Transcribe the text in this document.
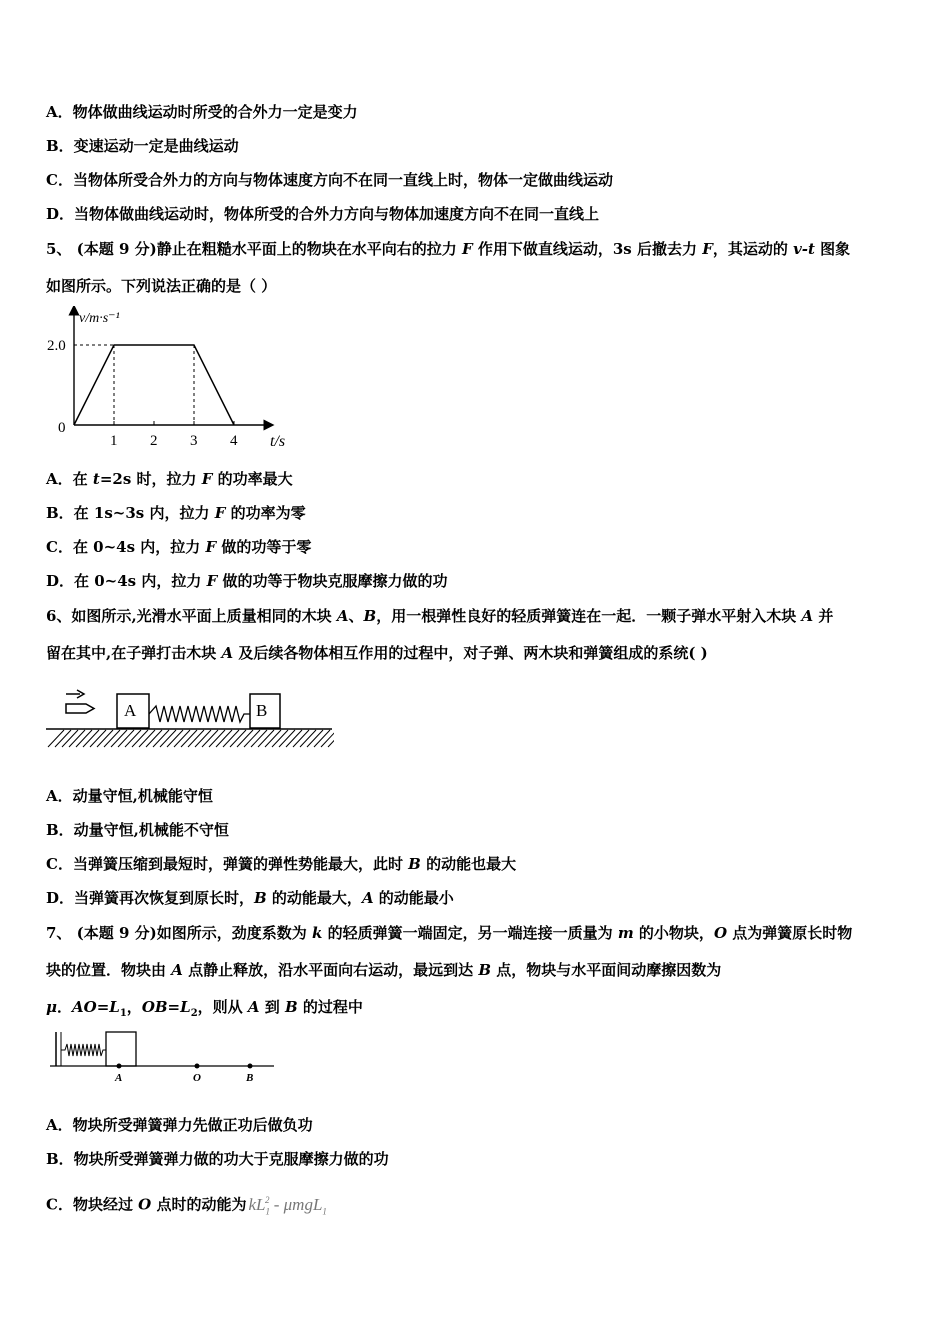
A．物体做曲线运动时所受的合外力一定是变力
B．变速运动一定是曲线运动
C．当物体所受合外力的方向与物体速度方向不在同一直线上时，物体一定做曲线运动
D．当物体做曲线运动时，物体所受的合外力方向与物体加速度方向不在同一直线上
5、 (本题 9 分)静止在粗糙水平面上的物块在水平向右的拉力 F 作用下做直线运动，3s 后撤去力 F，其运动的 v-t 图象
如图所示。下列说法正确的是（ ）
v/m·s⁻¹
t/s
2.0
0
1 2 3 4
A．在 t=2s 时，拉力 F 的功率最大
B．在 1s~3s 内，拉力 F 的功率为零
C．在 0~4s 内，拉力 F 做的功等于零
D．在 0~4s 内，拉力 F 做的功等于物块克服摩擦力做的功
6、如图所示,光滑水平面上质量相同的木块 A、B，用一根弹性良好的轻质弹簧连在一起．一颗子弹水平射入木块 A 并
留在其中,在子弹打击木块 A 及后续各物体相互作用的过程中，对子弹、两木块和弹簧组成的系统( )
A	B
A．动量守恒,机械能守恒
B．动量守恒,机械能不守恒
C．当弹簧压缩到最短时，弹簧的弹性势能最大，此时 B 的动能也最大
D．当弹簧再次恢复到原长时，B 的动能最大，A 的动能最小
7、 (本题 9 分)如图所示，劲度系数为 k 的轻质弹簧一端固定，另一端连接一质量为 m 的小物块，O 点为弹簧原长时物
块的位置．物块由 A 点静止释放，沿水平面向右运动，最远到达 B 点，物块与水平面间动摩擦因数为
μ．$AO=L_1$，$OB=L_2$，则从 A 到 B 的过程中
A	O	B
A．物块所受弹簧弹力先做正功后做负功
B．物块所受弹簧弹力做的功大于克服摩擦力做的功
C．物块经过 O 点时的动能为 $kL_1^2 - \mu mgL_1$
